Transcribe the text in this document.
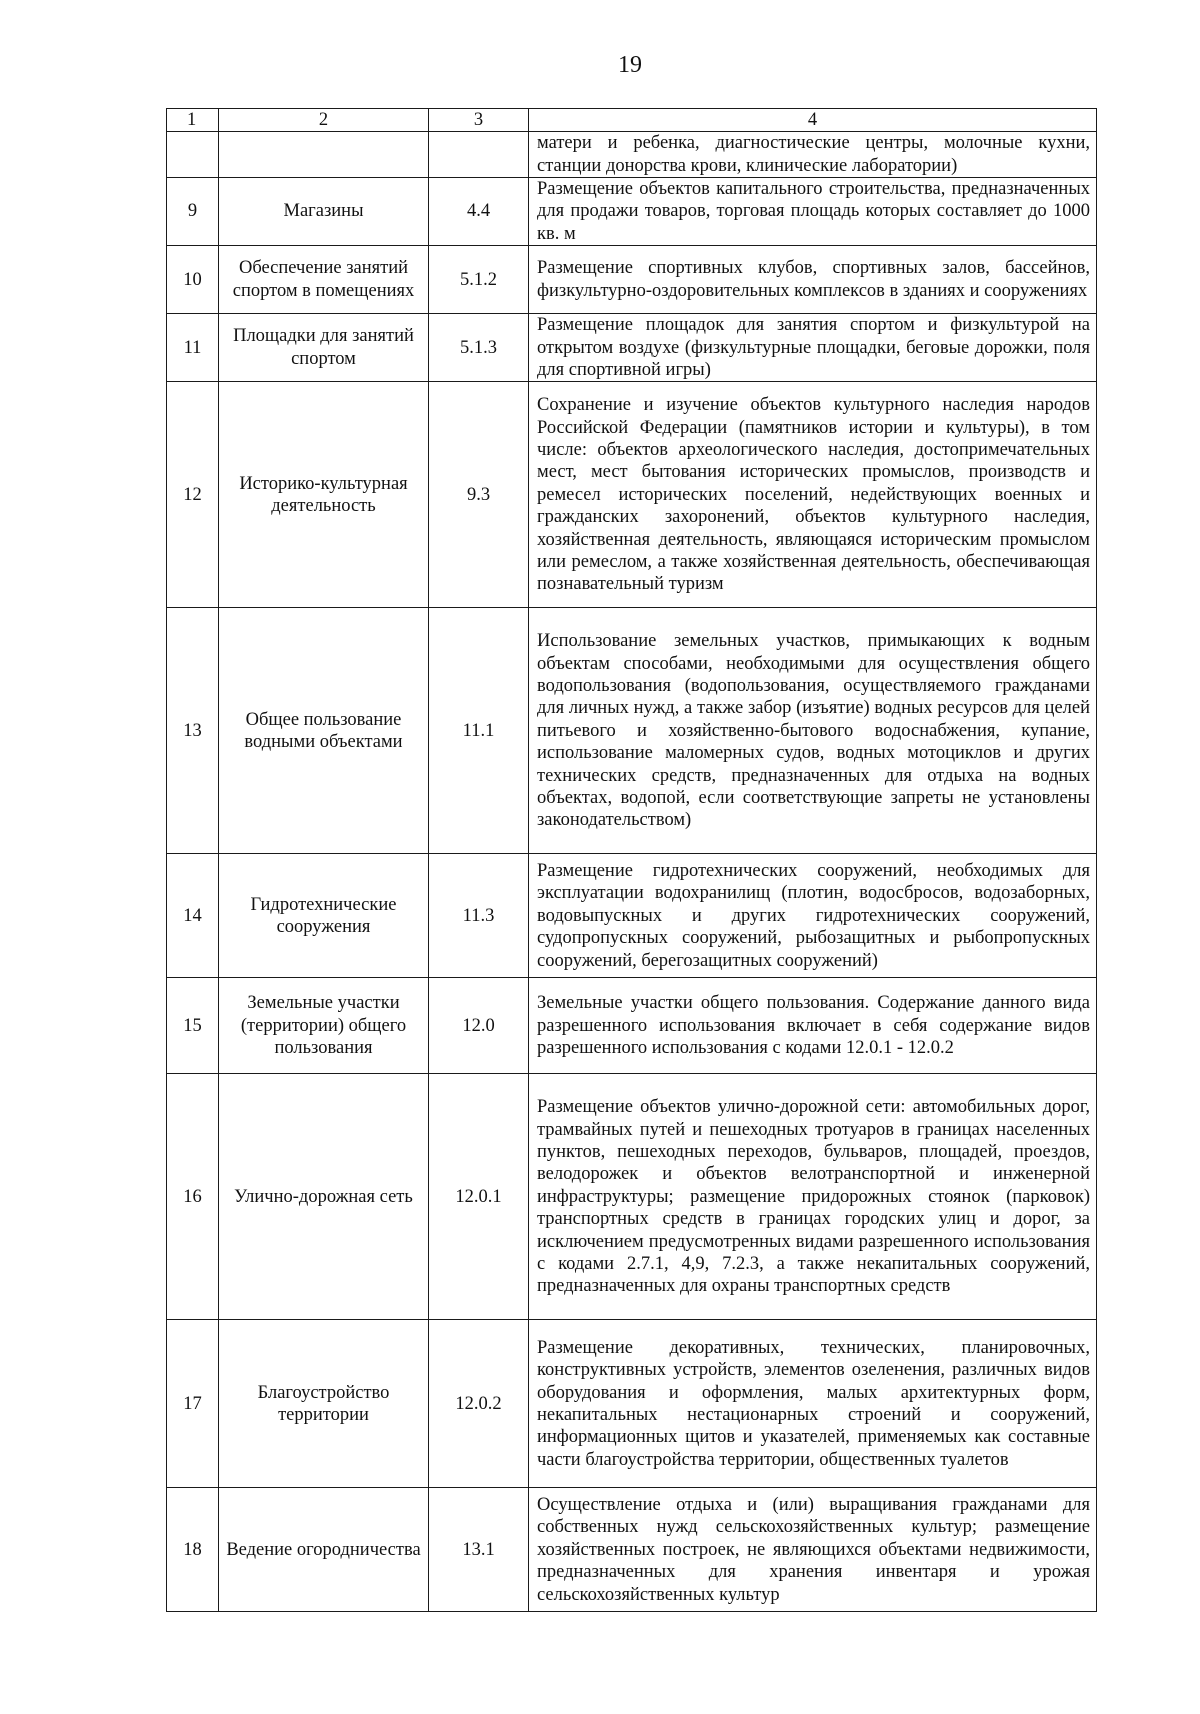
19
1	2	3	4
			матери и ребенка, диагностические центры, молочные кухни, станции донорства крови, клинические лаборатории)
9	Магазины	4.4	Размещение объектов капитального строительства, предназначенных для продажи товаров, торговая площадь которых составляет до 1000 кв. м
10	Обеспечение занятий спортом в помещениях	5.1.2	Размещение спортивных клубов, спортивных залов, бассейнов, физкультурно-оздоровительных комплексов в зданиях и сооружениях
11	Площадки для занятий спортом	5.1.3	Размещение площадок для занятия спортом и физкультурой на открытом воздухе (физкультурные площадки, беговые дорожки, поля для спортивной игры)
12	Историко-культурная деятельность	9.3	Сохранение и изучение объектов культурного наследия народов Российской Федерации (памятников истории и культуры), в том числе: объектов археологического наследия, достопримечательных мест, мест бытования исторических промыслов, производств и ремесел исторических поселений, недействующих военных и гражданских захоронений, объектов культурного наследия, хозяйственная деятельность, являющаяся историческим промыслом или ремеслом, а также хозяйственная деятельность, обеспечивающая познавательный туризм
13	Общее пользование водными объектами	11.1	Использование земельных участков, примыкающих к водным объектам способами, необходимыми для осуществления общего водопользования (водопользования, осуществляемого гражданами для личных нужд, а также забор (изъятие) водных ресурсов для целей питьевого и хозяйственно-бытового водоснабжения, купание, использование маломерных судов, водных мотоциклов и других технических средств, предназначенных для отдыха на водных объектах, водопой, если соответствующие запреты не установлены законодательством)
14	Гидротехнические сооружения	11.3	Размещение гидротехнических сооружений, необходимых для эксплуатации водохранилищ (плотин, водосбросов, водозаборных, водовыпускных и других гидротехнических сооружений, судопропускных сооружений, рыбозащитных и рыбопропускных сооружений, берегозащитных сооружений)
15	Земельные участки (территории) общего пользования	12.0	Земельные участки общего пользования. Содержание данного вида разрешенного использования включает в себя содержание видов разрешенного использования с кодами 12.0.1 - 12.0.2
16	Улично-дорожная сеть	12.0.1	Размещение объектов улично-дорожной сети: автомобильных дорог, трамвайных путей и пешеходных тротуаров в границах населенных пунктов, пешеходных переходов, бульваров, площадей, проездов, велодорожек и объектов велотранспортной и инженерной инфраструктуры; размещение придорожных стоянок (парковок) транспортных средств в границах городских улиц и дорог, за исключением предусмотренных видами разрешенного использования с кодами 2.7.1, 4,9, 7.2.3, а также некапитальных сооружений, предназначенных для охраны транспортных средств
17	Благоустройство территории	12.0.2	Размещение декоративных, технических, планировочных, конструктивных устройств, элементов озеленения, различных видов оборудования и оформления, малых архитектурных форм, некапитальных нестационарных строений и сооружений, информационных щитов и указателей, применяемых как составные части благоустройства территории, общественных туалетов
18	Ведение огородничества	13.1	Осуществление отдыха и (или) выращивания гражданами для собственных нужд сельскохозяйственных культур; размещение хозяйственных построек, не являющихся объектами недвижимости, предназначенных для хранения инвентаря и урожая сельскохозяйственных культур
